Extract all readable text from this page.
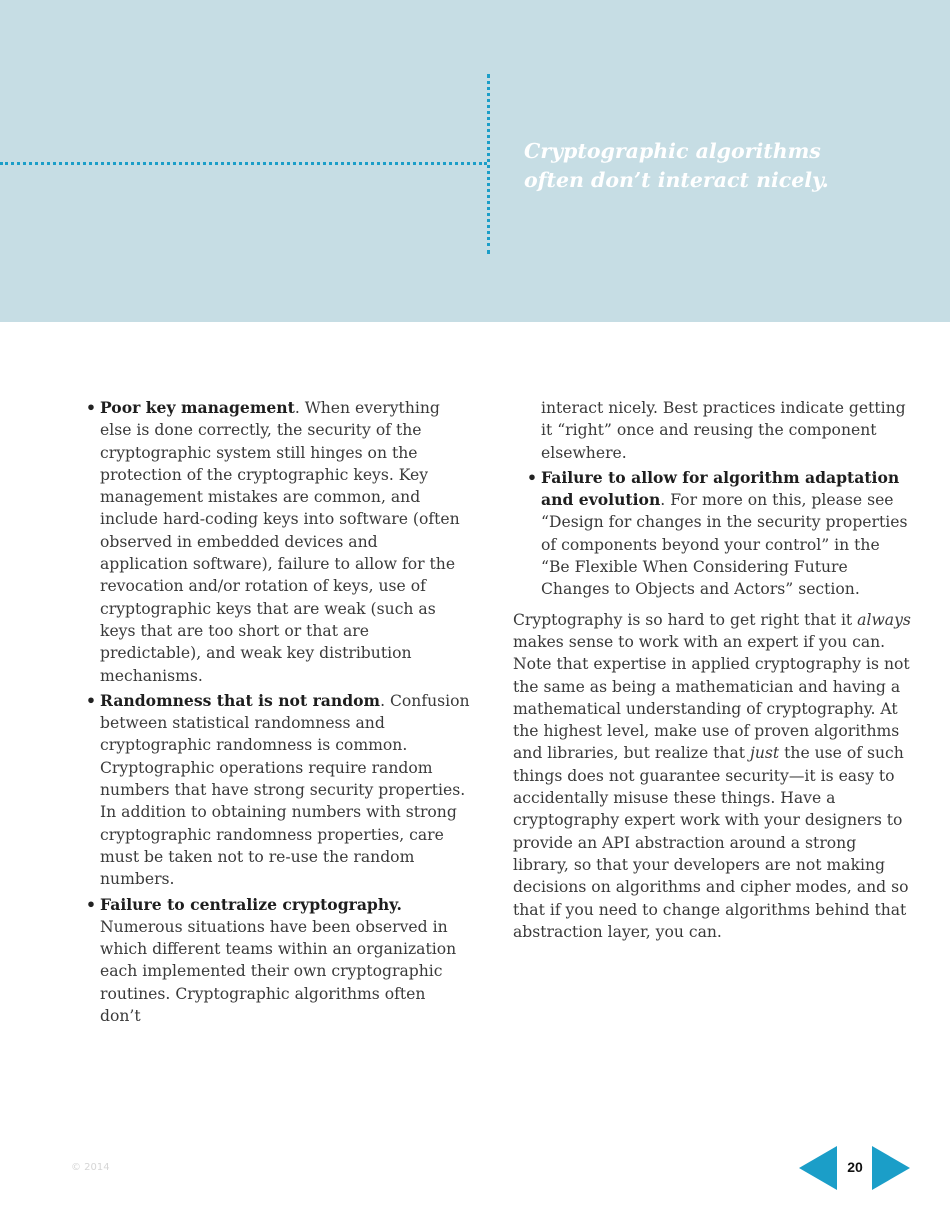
Cryptographic algorithms
often don’t interact nicely.
• Poor key management. When everything else is done correctly, the security of the cryptographic system still hinges on the protection of the cryptographic keys. Key management mistakes are common, and include hard-coding keys into software (often observed in embedded devices and application software), failure to allow for the revocation and/or rotation of keys, use of cryptographic keys that are weak (such as keys that are too short or that are predictable), and weak key distribution mechanisms.
• Randomness that is not random. Confusion between statistical randomness and cryptographic randomness is common. Cryptographic operations require random numbers that have strong security properties. In addition to obtaining numbers with strong cryptographic randomness properties, care must be taken not to re-use the random numbers.
• Failure to centralize cryptography. Numerous situations have been observed in which different teams within an organization each implemented their own cryptographic routines. Cryptographic algorithms often don’t
interact nicely. Best practices indicate getting it “right” once and reusing the component elsewhere.
• Failure to allow for algorithm adaptation and evolution. For more on this, please see “Design for changes in the security properties of components beyond your control” in the “Be Flexible When Considering Future Changes to Objects and Actors” section.

Cryptography is so hard to get right that it always makes sense to work with an expert if you can. Note that expertise in applied cryptography is not the same as being a mathematician and having a mathematical understanding of cryptography. At the highest level, make use of proven algorithms and libraries, but realize that just the use of such things does not guarantee security—it is easy to accidentally misuse these things. Have a cryptography expert work with your designers to provide an API abstraction around a strong library, so that your developers are not making decisions on algorithms and cipher modes, and so that if you need to change algorithms behind that abstraction layer, you can.

© 2014	20
